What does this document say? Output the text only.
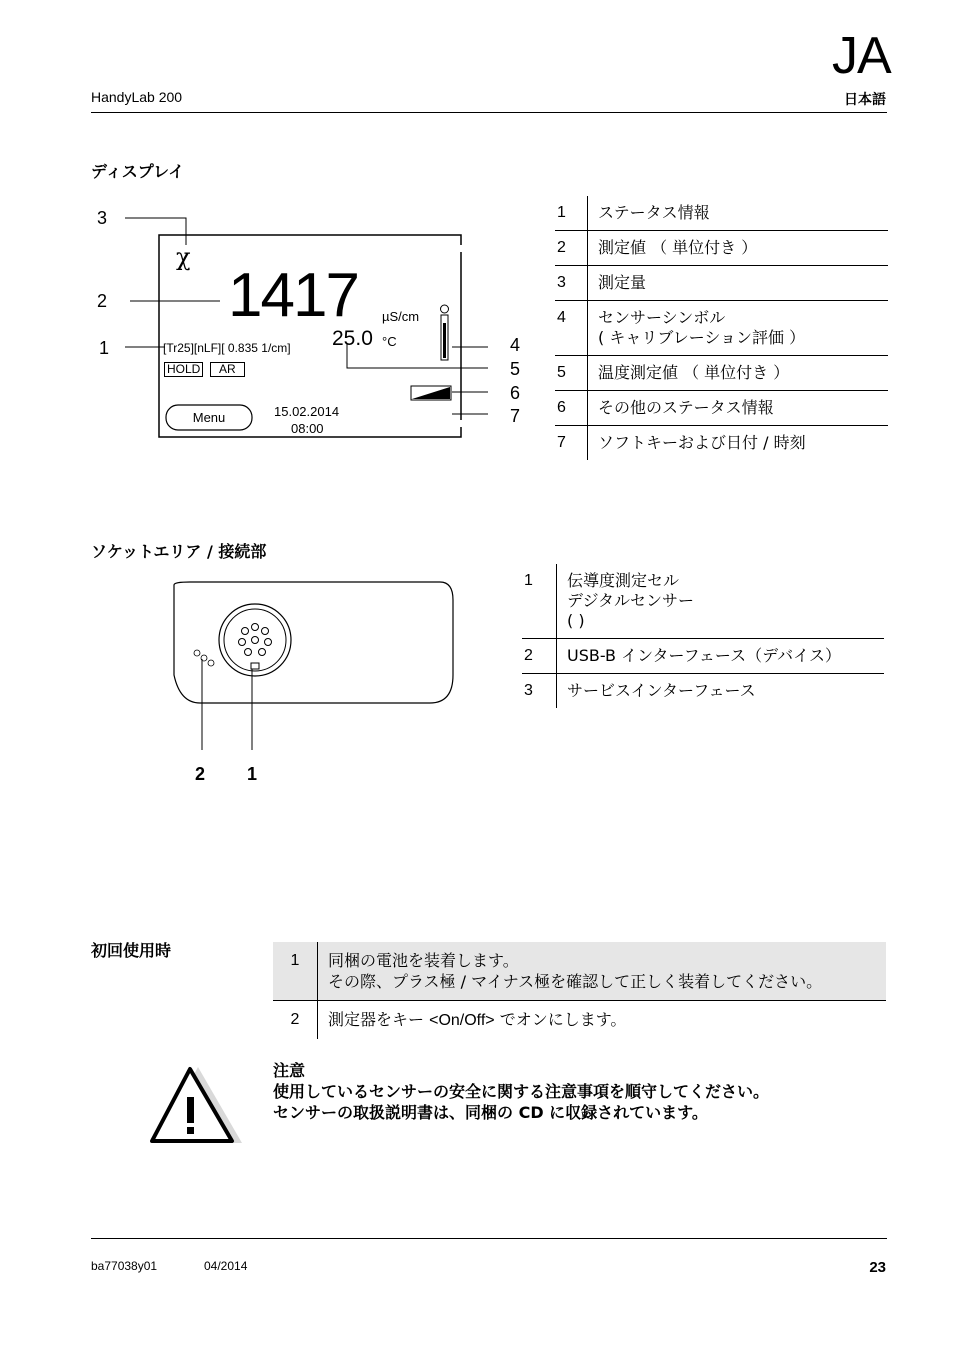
JA
HandyLab 200	日本語
ディスプレイ
3
2
1	4
5
6
7
χ
1417 µS/cm
25.0 °C
[Tr25][nLF][ 0.835 1/cm]
HOLD	AR
Menu	15.02.2014
08:00
1	ステータス情報

2	測定値 （ 単位付き ）

3	測定量

4	センサーシンボル
( キャリブレーション評価 ）

5	温度測定値 （ 単位付き ）

6	その他のステータス情報

7	ソフトキーおよび日付 / 時刻
ソケットエリア / 接続部
2 1
1	伝導度測定セル
デジタルセンサー
( )

2	USB-B インターフェース（デバイス）

3	サービスインターフェース
初回使用時
1	同梱の電池を装着します。
その際、プラス極 / マイナス極を確認して正しく装着してください。

2	測定器をキー <On/Off> でオンにします。
注意
使用しているセンサーの安全に関する注意事項を順守してください。
センサーの取扱説明書は、同梱の CD に収録されています。
ba77038y01	04/2014	23
